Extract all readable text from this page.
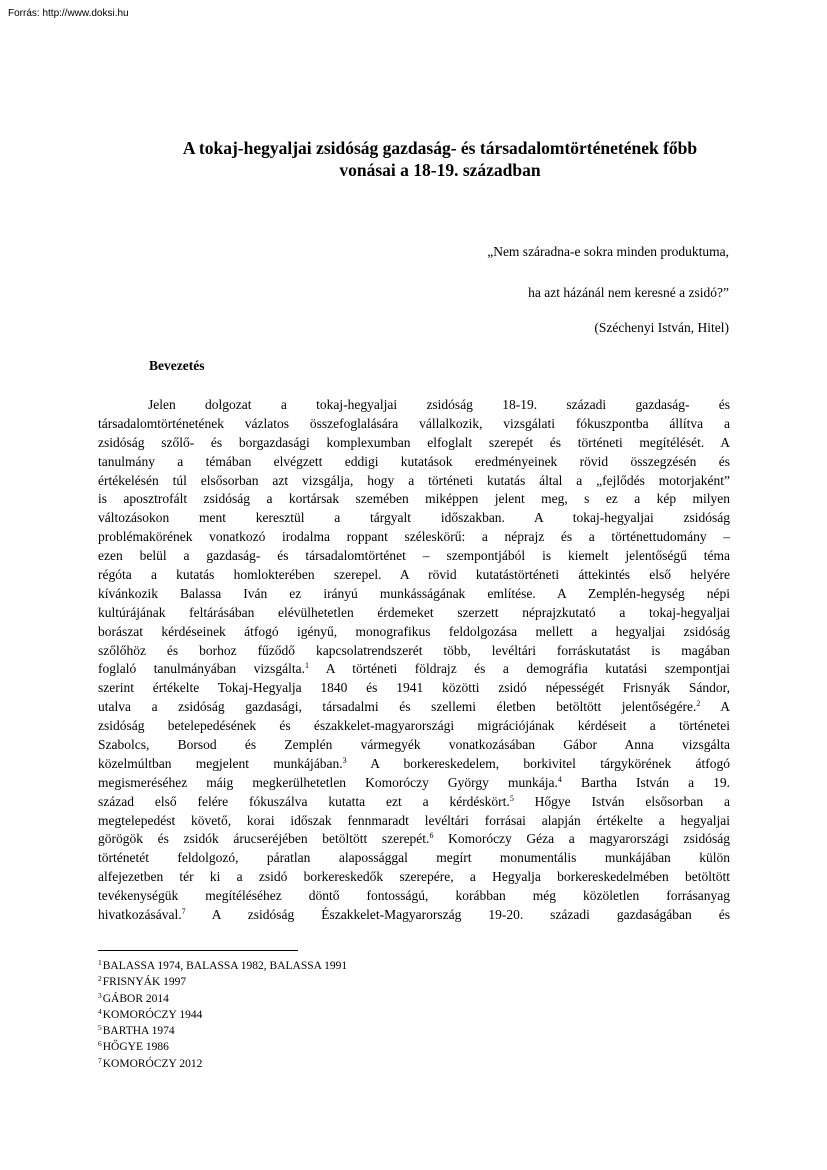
Forrás: http://www.doksi.hu
A tokaj-hegyaljai zsidóság gazdaság- és társadalomtörténetének főbb
vonásai a 18-19. században
„Nem száradna-e sokra minden produktuma,
ha azt házánál nem keresné a zsidó?”
(Széchenyi István, Hitel)
Bevezetés
Jelen dolgozat a tokaj-hegyaljai zsidóság 18-19. századi gazdaság- és
társadalomtörténetének vázlatos összefoglalására vállalkozik, vizsgálati fókuszpontba állítva a
zsidóság szőlő- és borgazdasági komplexumban elfoglalt szerepét és történeti megítélését. A
tanulmány a témában elvégzett eddigi kutatások eredményeinek rövid összegzésén és
értékelésén túl elsősorban azt vizsgálja, hogy a történeti kutatás által a „fejlődés motorjaként”
is aposztrofált zsidóság a kortársak szemében miképpen jelent meg, s ez a kép milyen
változásokon ment keresztül a tárgyalt időszakban. A tokaj-hegyaljai zsidóság
problémakörének vonatkozó irodalma roppant széleskörű: a néprajz és a történettudomány –
ezen belül a gazdaság- és társadalomtörténet – szempontjából is kiemelt jelentőségű téma
régóta a kutatás homlokterében szerepel. A rövid kutatástörténeti áttekintés első helyére
kívánkozik Balassa Iván ez irányú munkásságának említése. A Zemplén-hegység népi
kultúrájának feltárásában elévülhetetlen érdemeket szerzett néprajzkutató a tokaj-hegyaljai
borászat kérdéseinek átfogó igényű, monografikus feldolgozása mellett a hegyaljai zsidóság
szőlőhöz és borhoz fűződő kapcsolatrendszerét több, levéltári forráskutatást is magában
foglaló tanulmányában vizsgálta.$^1$ A történeti földrajz és a demográfia kutatási szempontjai
szerint értékelte Tokaj-Hegyalja 1840 és 1941 közötti zsidó népességét Frisnyák Sándor,
utalva a zsidóság gazdasági, társadalmi és szellemi életben betöltött jelentőségére.$^2$ A
zsidóság betelepedésének és északkelet-magyarországi migrációjának kérdéseit a történetei
Szabolcs, Borsod és Zemplén vármegyék vonatkozásában Gábor Anna vizsgálta
közelmúltban megjelent munkájában.$^3$ A borkereskedelem, borkivitel tárgykörének átfogó
megismeréséhez máig megkerülhetetlen Komoróczy György munkája.$^4$ Bartha István a 19.
század első felére fókuszálva kutatta ezt a kérdéskört.$^5$ Hőgye István elsősorban a
megtelepedést követő, korai időszak fennmaradt levéltári forrásai alapján értékelte a hegyaljai
görögök és zsidók árucseréjében betöltött szerepét.$^6$ Komoróczy Géza a magyarországi zsidóság
történetét feldolgozó, páratlan alapossággal megírt monumentális munkájában külön
alfejezetben tér ki a zsidó borkereskedők szerepére, a Hegyalja borkereskedelmében betöltött
tevékenységük megítéléséhez döntő fontosságú, korábban még közöletlen forrásanyag
hivatkozásával.$^7$ A zsidóság Északkelet-Magyarország 19-20. századi gazdaságában és
$^1$BALASSA 1974, BALASSA 1982, BALASSA 1991
$^2$FRISNYÁK 1997
$^3$GÁBOR 2014
$^4$KOMORÓCZY 1944
$^5$BARTHA 1974
$^6$HŐGYE 1986
$^7$KOMORÓCZY 2012
